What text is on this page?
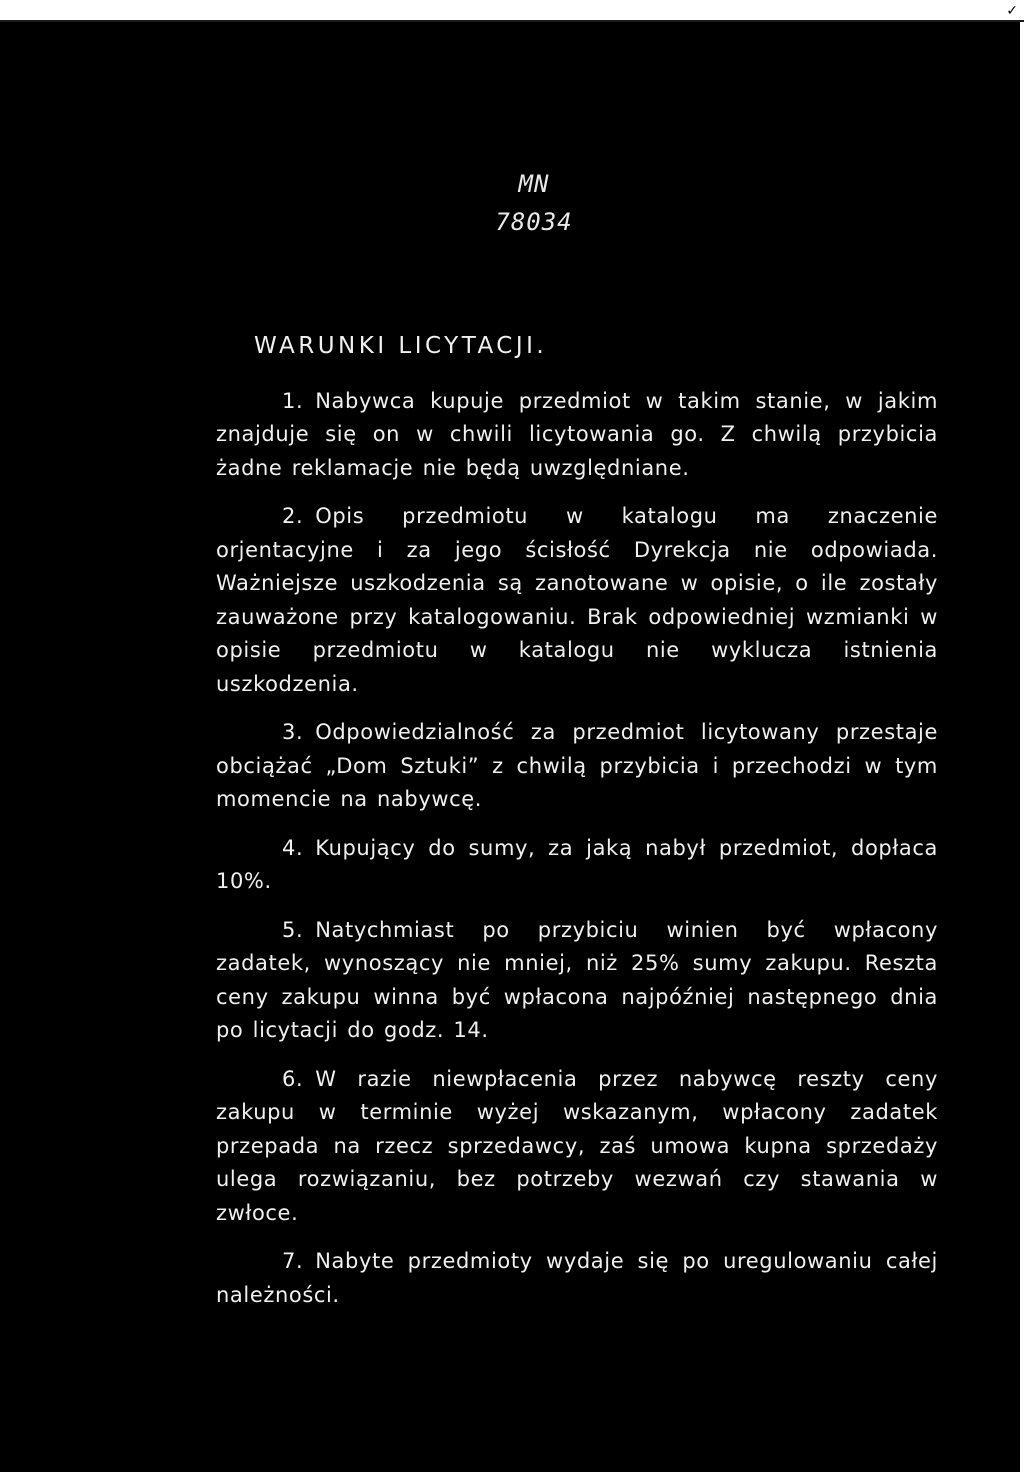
✓
MN
78034
WARUNKI LICYTACJI.

1. Nabywca kupuje przedmiot w takim stanie, w jakim znajduje się on w chwili licytowania go. Z chwilą przybicia żadne reklamacje nie będą uwzględniane.

2. Opis przedmiotu w katalogu ma znaczenie orjentacyjne i za jego ścisłość Dyrekcja nie odpowiada. Ważniejsze uszkodzenia są zanotowane w opisie, o ile zostały zauważone przy katalogowaniu. Brak odpowiedniej wzmianki w opisie przedmiotu w katalogu nie wyklucza istnienia uszkodzenia.

3. Odpowiedzialność za przedmiot licytowany przestaje obciążać „Dom Sztuki” z chwilą przybicia i przechodzi w tym momencie na nabywcę.

4. Kupujący do sumy, za jaką nabył przedmiot, dopłaca 10%.

5. Natychmiast po przybiciu winien być wpłacony zadatek, wynoszący nie mniej, niż 25% sumy zakupu. Reszta ceny zakupu winna być wpłacona najpóźniej następnego dnia po licytacji do godz. 14.

6. W razie niewpłacenia przez nabywcę reszty ceny zakupu w terminie wyżej wskazanym, wpłacony zadatek przepada na rzecz sprzedawcy, zaś umowa kupna sprzedaży ulega rozwiązaniu, bez potrzeby wezwań czy stawania w zwłoce.

7. Nabyte przedmioty wydaje się po uregulowaniu całej należności.
